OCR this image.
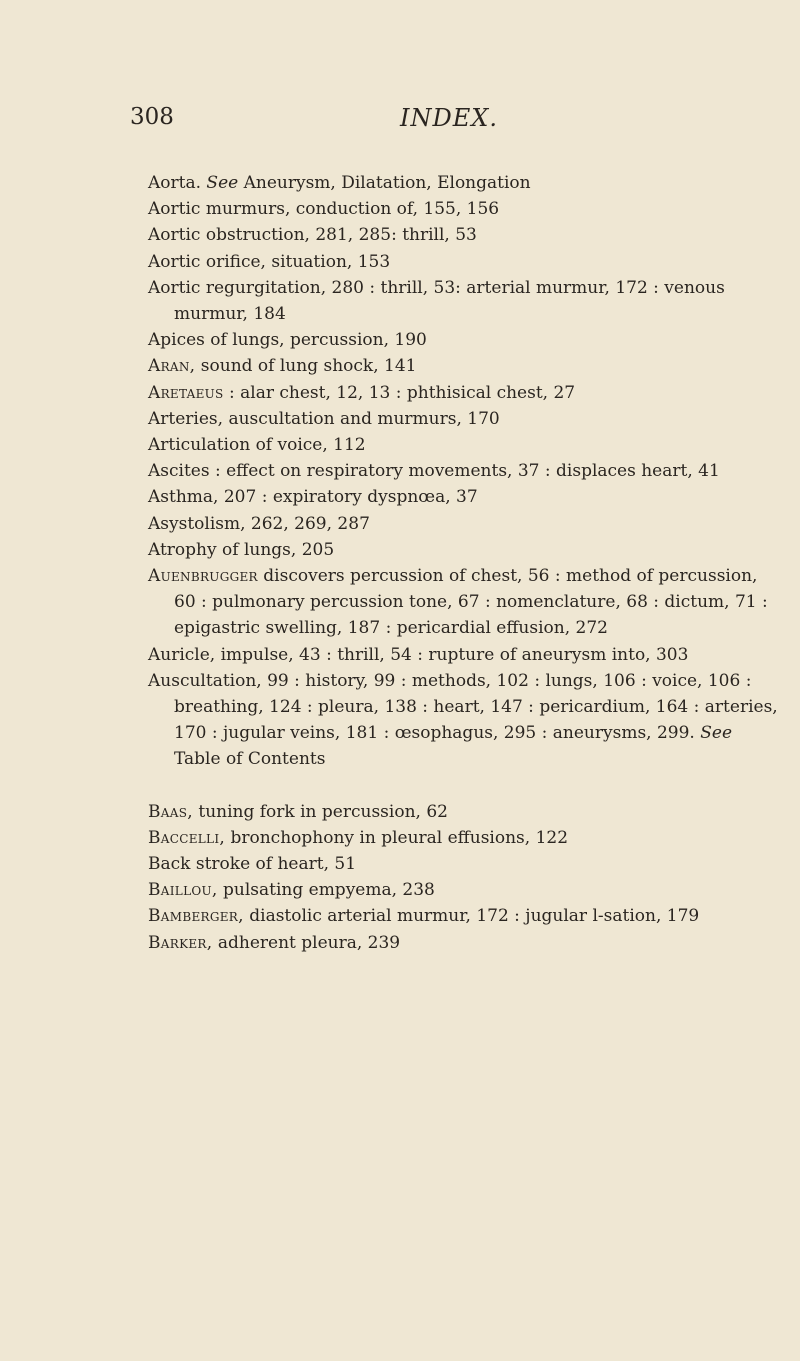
308	INDEX.
Aorta. See Aneurysm, Dilatation, Elongation
Aortic murmurs, conduction of, 155, 156
Aortic obstruction, 281, 285: thrill, 53
Aortic orifice, situation, 153
Aortic regurgitation, 280 : thrill, 53: arterial murmur, 172 : venous murmur, 184
Apices of lungs, percussion, 190
Aran, sound of lung shock, 141
Aretaeus : alar chest, 12, 13 : phthisical chest, 27
Arteries, auscultation and murmurs, 170
Articulation of voice, 112
Ascites : effect on respiratory movements, 37 : displaces heart, 41
Asthma, 207 : expiratory dyspnœa, 37
Asystolism, 262, 269, 287
Atrophy of lungs, 205
Auenbrugger discovers percussion of chest, 56 : method of percussion, 60 : pulmonary percussion tone, 67 : nomenclature, 68 : dictum, 71 : epigastric swelling, 187 : pericardial effusion, 272
Auricle, impulse, 43 : thrill, 54 : rupture of aneurysm into, 303
Auscultation, 99 : history, 99 : methods, 102 : lungs, 106 : voice, 106 : breathing, 124 : pleura, 138 : heart, 147 : pericardium, 164 : arteries, 170 : jugular veins, 181 : œsophagus, 295 : aneurysms, 299. See Table of Contents
Baas, tuning fork in percussion, 62
Baccelli, bronchophony in pleural effusions, 122
Back stroke of heart, 51
Baillou, pulsating empyema, 238
Bamberger, diastolic arterial murmur, 172 : jugular l-sation, 179
Barker, adherent pleura, 239
